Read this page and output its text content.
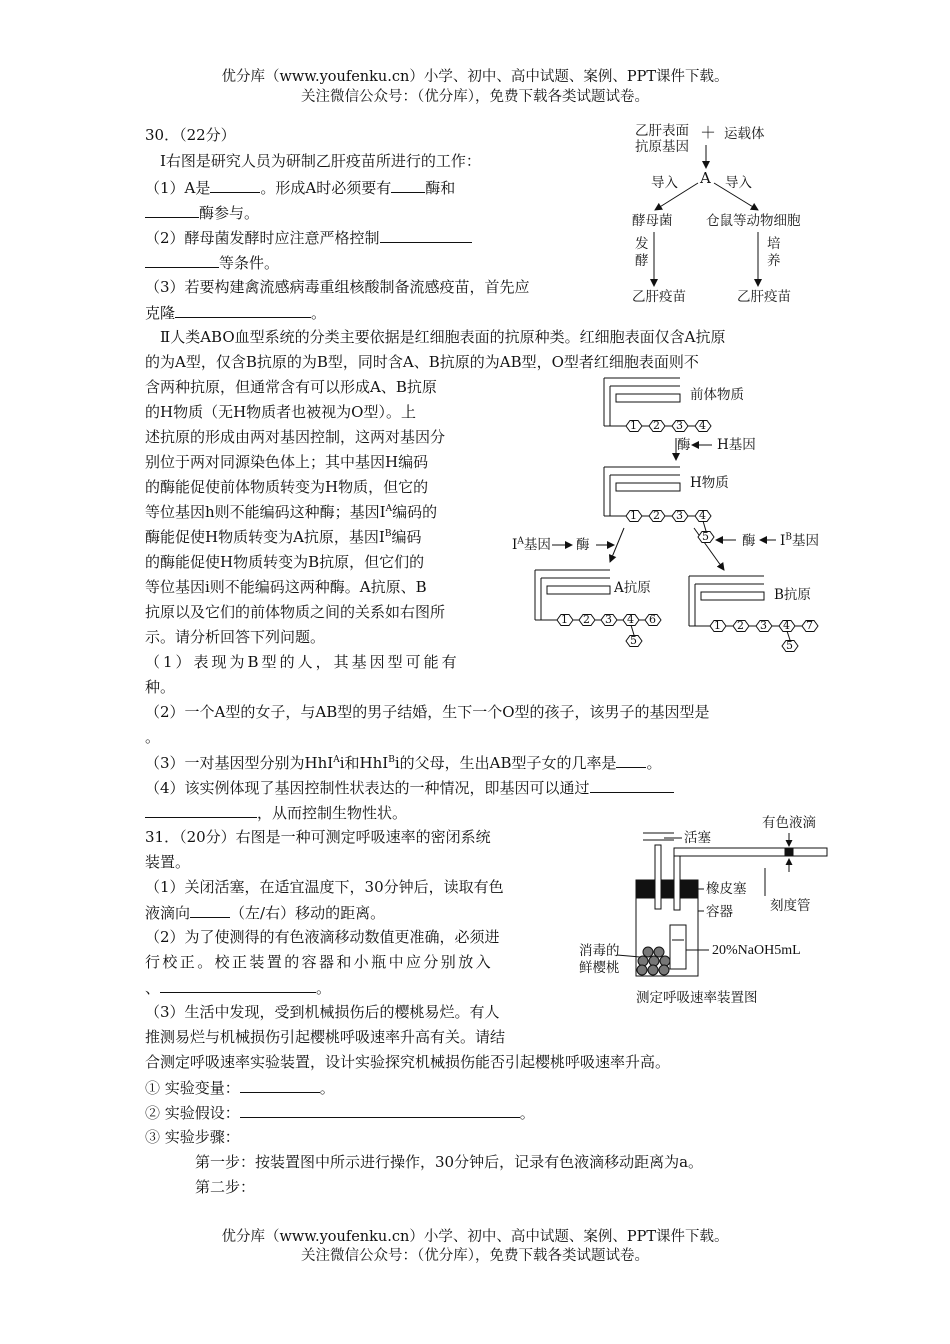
优分库（www.youfenku.cn）小学、初中、高中试题、案例、PPT课件下载。
关注微信公众号：（优分库），免费下载各类试题试卷。
30．（22分）
Ⅰ右图是研究人员为研制乙肝疫苗所进行的工作：
（1）A是	。形成A时必须要有 酶和
酶参与。
（2）酵母菌发酵时应注意严格控制
等条件。
（3）若要构建禽流感病毒重组核酸制备流感疫苗，首先应
克隆	。
Ⅱ人类ABO血型系统的分类主要依据是红细胞表面的抗原种类。红细胞表面仅含A抗原
的为A型，仅含B抗原的为B型，同时含A、B抗原的为AB型，O型者红细胞表面则不
含两种抗原，但通常含有可以形成A、B抗原
的H物质（无H物质者也被视为O型）。上
述抗原的形成由两对基因控制，这两对基因分
别位于两对同源染色体上；其中基因H编码
的酶能促使前体物质转变为H物质，但它的
等位基因h则不能编码这种酶；基因$I^A$编码的
酶能促使H物质转变为A抗原，基因$I^B$编码
的酶能促使H物质转变为B抗原，但它们的
等位基因i则不能编码这两种酶。A抗原、B
抗原以及它们的前体物质之间的关系如右图所
示。请分析回答下列问题。
（1）表现为B型的人，其基因型可能有
种。
（2）一个A型的女子，与AB型的男子结婚，生下一个O型的孩子，该男子的基因型是
。
（3）一对基因型分别为HhI$^A$i和HhI$^B$i的父母，生出AB型子女的几率是 。
（4）该实例体现了基因控制性状表达的一种情况，即基因可以通过
，从而控制生物性状。
31．（20分）右图是一种可测定呼吸速率的密闭系统
装置。
（1）关闭活塞，在适宜温度下，30分钟后，读取有色
液滴向	（左/右）移动的距离。
（2）为了使测得的有色液滴移动数值更准确，必须进
行校正。校正装置的容器和小瓶中应分别放入
、	。
（3）生活中发现，受到机械损伤后的樱桃易烂。有人
推测易烂与机械损伤引起樱桃呼吸速率升高有关。请结
合测定呼吸速率实验装置，设计实验探究机械损伤能否引起樱桃呼吸速率升高。
① 实验变量：	。
② 实验假设：	。
③ 实验步骤：
第一步：按装置图中所示进行操作，30分钟后，记录有色液滴移动距离为a。
第二步：
乙肝表面
抗原基因
＋ 运载体
A
导入	导入
酵母菌 仓鼠等动物细胞
发
酵
培
养
乙肝疫苗	乙肝疫苗
前体物质
酶 H基因
H物质
$I^A$基因 酶	酶 $I^B$基因
A抗原	B抗原
1 2 3 4
1 2 3 4
5
1 2 3 4 6
5
1 2 3 4 7
5
活塞
有色液滴
橡皮塞
容器	刻度管
消毒的
鲜樱桃
20%NaOH5mL
测定呼吸速率装置图
优分库（www.youfenku.cn）小学、初中、高中试题、案例、PPT课件下载。
关注微信公众号：（优分库），免费下载各类试题试卷。
